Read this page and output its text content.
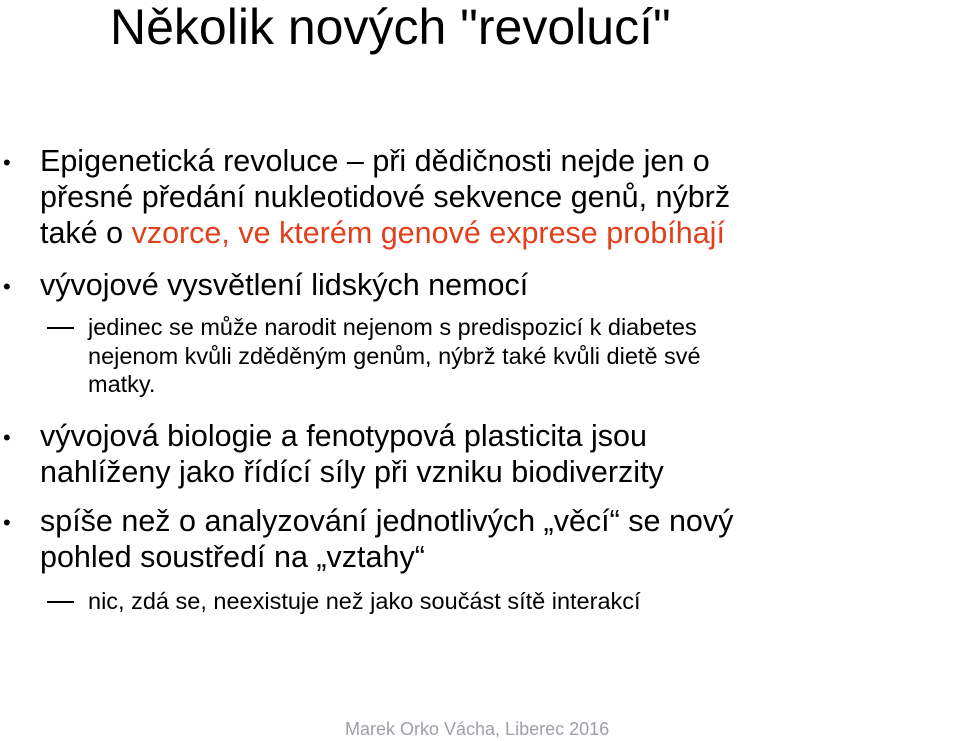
Několik nových "revolucí"
• Epigenetická revoluce – při dědičnosti nejde jen o
přesné předání nukleotidové sekvence genů, nýbrž
také o vzorce, ve kterém genové exprese probíhají
• vývojové vysvětlení lidských nemocí
jedinec se může narodit nejenom s predispozicí k diabetes
nejenom kvůli zděděným genům, nýbrž také kvůli dietě své
matky.
• vývojová biologie a fenotypová plasticita jsou
nahlíženy jako řídící síly při vzniku biodiverzity
• spíše než o analyzování jednotlivých „věcí“ se nový
pohled soustředí na „vztahy“
nic, zdá se, neexistuje než jako součást sítě interakcí
Marek Orko Vácha, Liberec 2016
